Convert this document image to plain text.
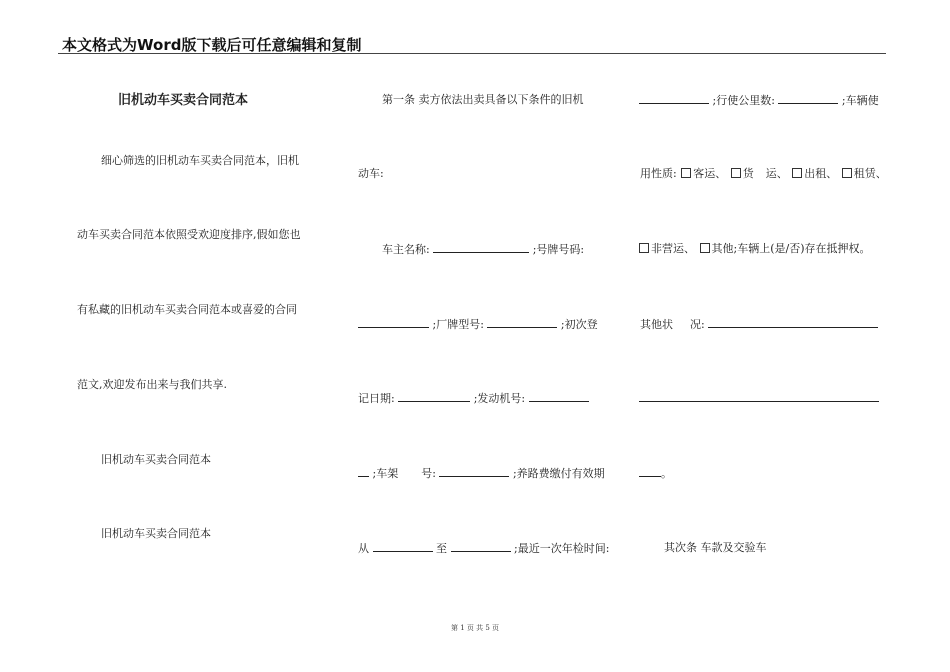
本文格式为Word版下载后可任意编辑和复制
旧机动车买卖合同范本
细心筛选的旧机动车买卖合同范本，旧机
动车买卖合同范本依照受欢迎度排序,假如您也
有私藏的旧机动车买卖合同范本或喜爱的合同
范文,欢迎发布出来与我们共享.
旧机动车买卖合同范本
旧机动车买卖合同范本
第一条 卖方依法出卖具备以下条件的旧机
动车:
车主名称:	;号牌号码:
;厂牌型号:	;初次登
记日期:	;发动机号:
;车架 号:	;养路费缴付有效期
从	至	;最近一次年检时间:
;行使公里数:	;车辆使
用性质: 客运、 货 运、 出租、 租赁、
非营运、 其他;车辆上(是/否)存在抵押权。
其他状 况:
。
其次条 车款及交验车
第 1 页 共 5 页
